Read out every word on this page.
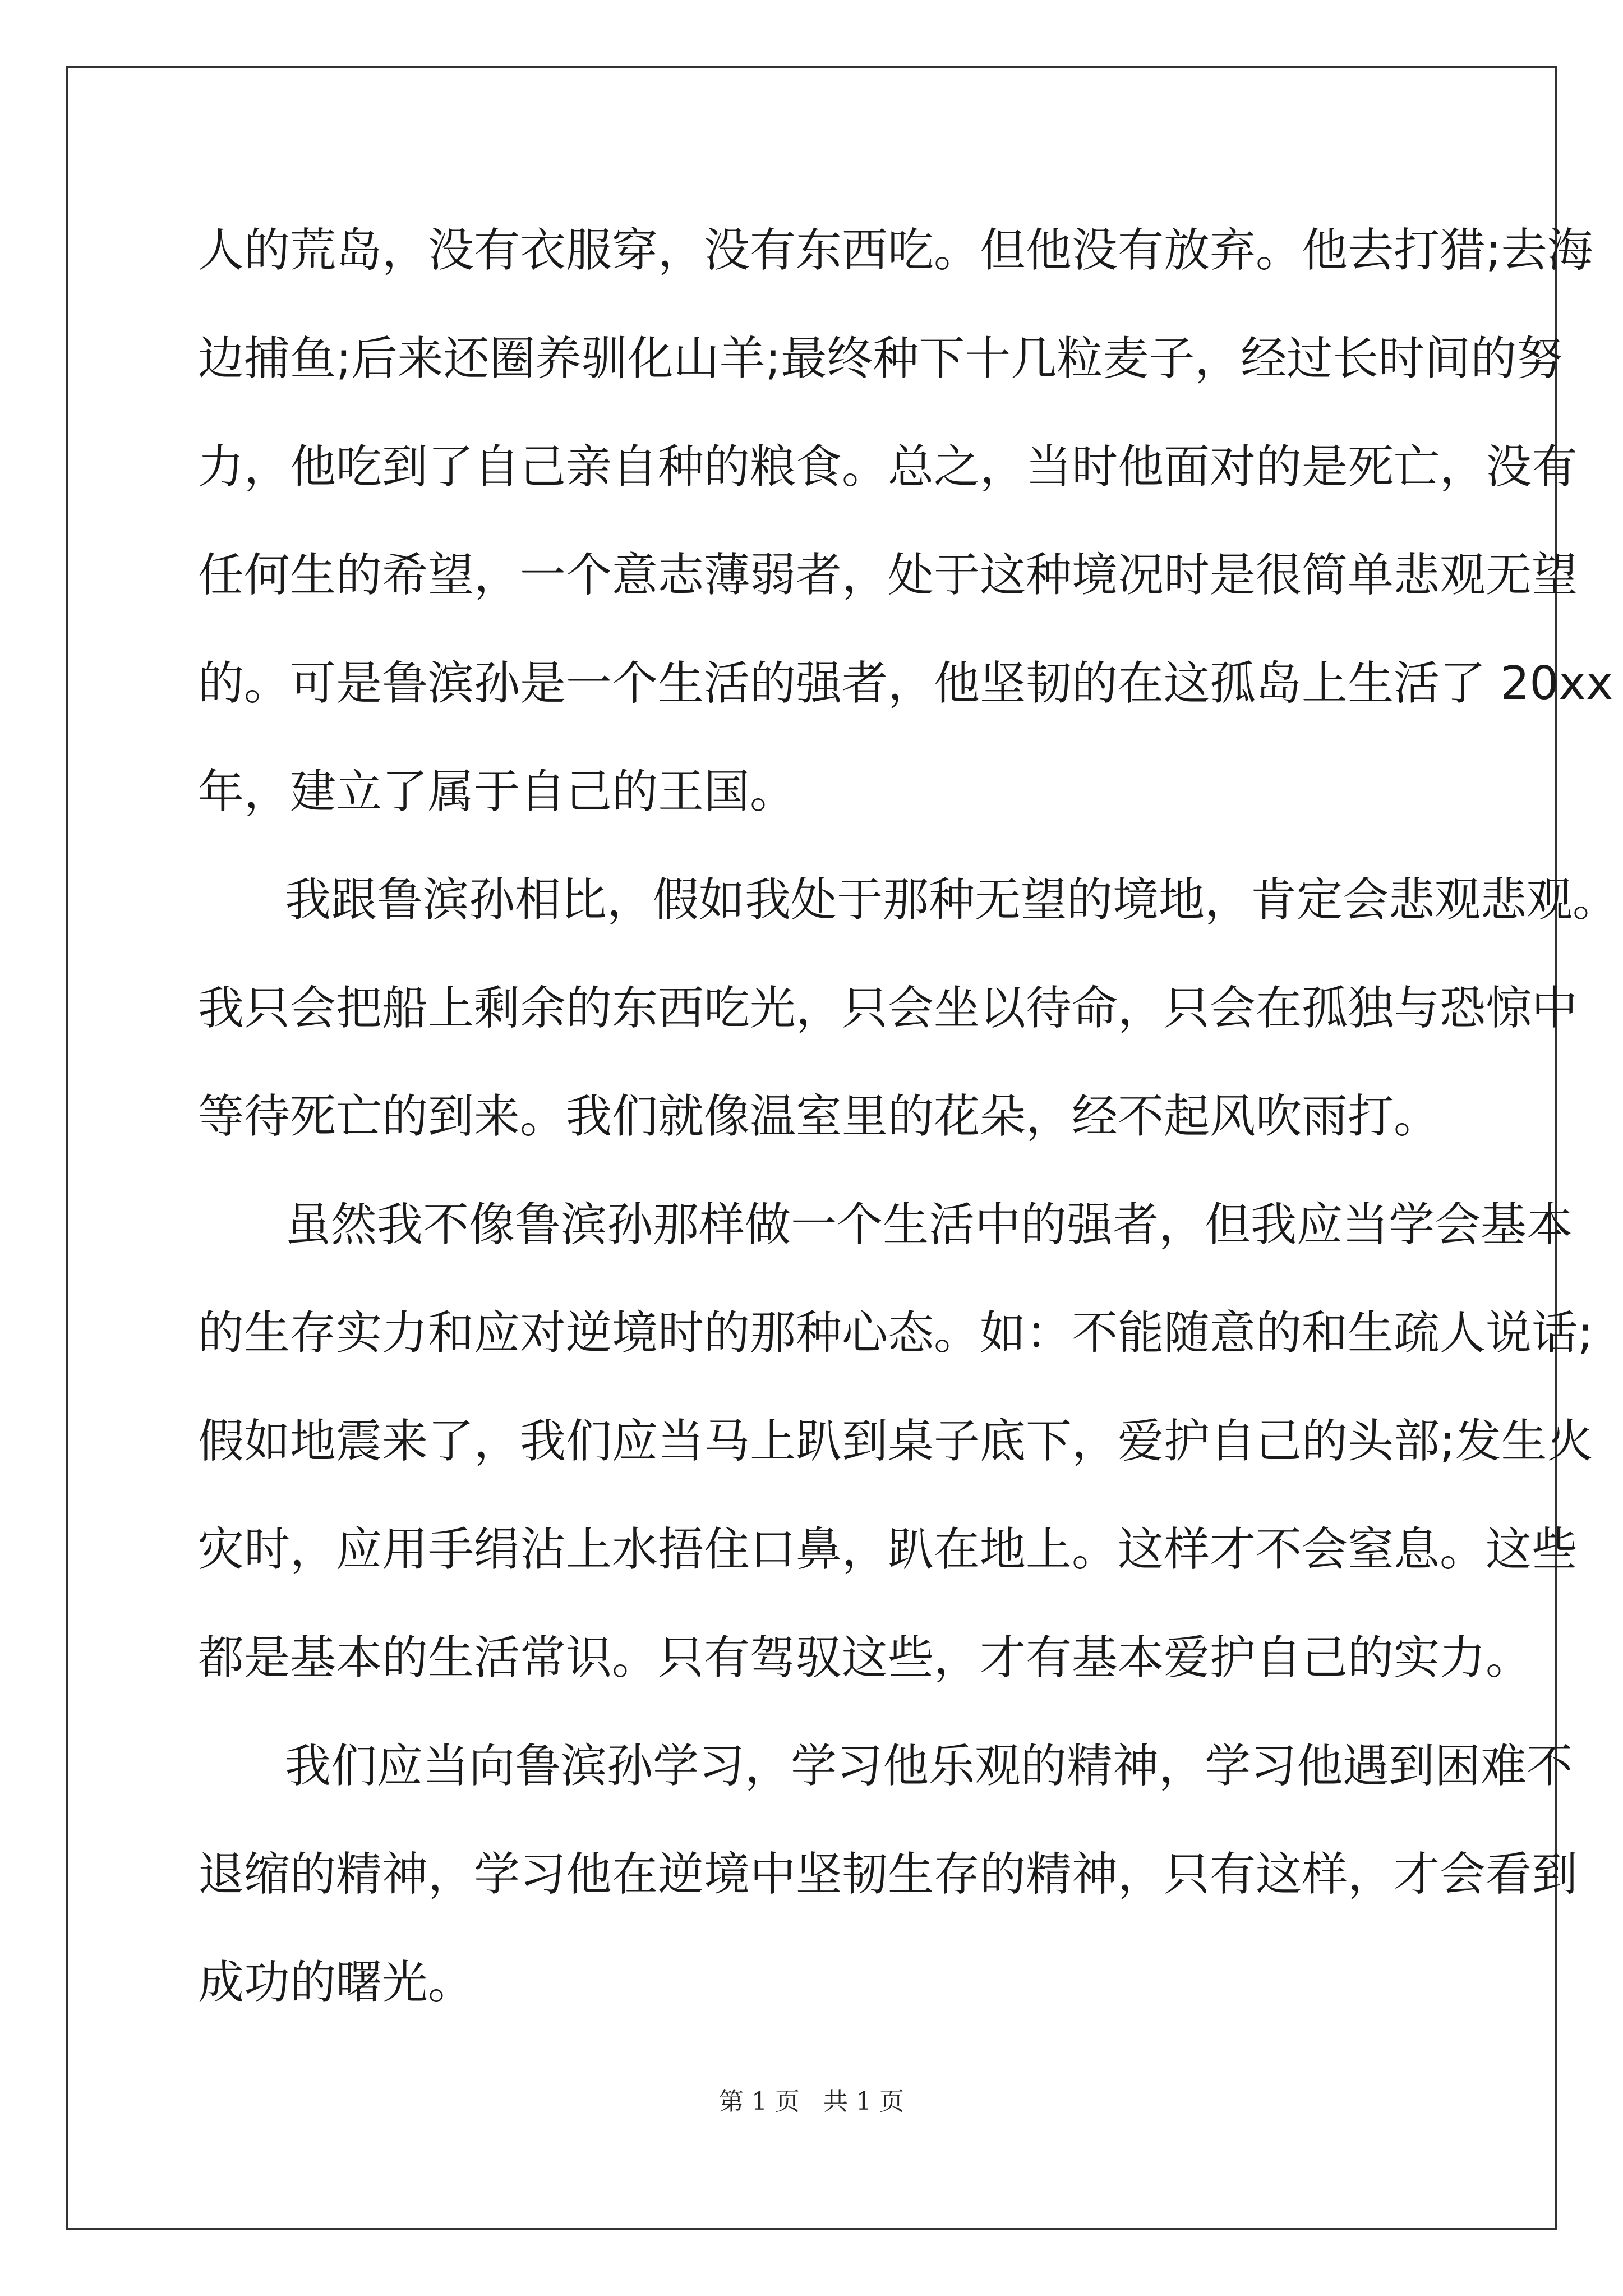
人的荒岛，没有衣服穿，没有东西吃。但他没有放弃。他去打猎;去海
边捕鱼;后来还圈养驯化山羊;最终种下十几粒麦子，经过长时间的努
力，他吃到了自己亲自种的粮食。总之，当时他面对的是死亡，没有
任何生的希望，一个意志薄弱者，处于这种境况时是很简单悲观无望
的。可是鲁滨孙是一个生活的强者，他坚韧的在这孤岛上生活了 20xx
年，建立了属于自己的王国。
我跟鲁滨孙相比，假如我处于那种无望的境地，肯定会悲观悲观。
我只会把船上剩余的东西吃光，只会坐以待命，只会在孤独与恐惊中
等待死亡的到来。我们就像温室里的花朵，经不起风吹雨打。
虽然我不像鲁滨孙那样做一个生活中的强者，但我应当学会基本
的生存实力和应对逆境时的那种心态。如：不能随意的和生疏人说话;
假如地震来了，我们应当马上趴到桌子底下，爱护自己的头部;发生火
灾时，应用手绢沾上水捂住口鼻，趴在地上。这样才不会窒息。这些
都是基本的生活常识。只有驾驭这些，才有基本爱护自己的实力。
我们应当向鲁滨孙学习，学习他乐观的精神，学习他遇到困难不
退缩的精神，学习他在逆境中坚韧生存的精神，只有这样，才会看到
成功的曙光。
第 1 页   共 1 页
